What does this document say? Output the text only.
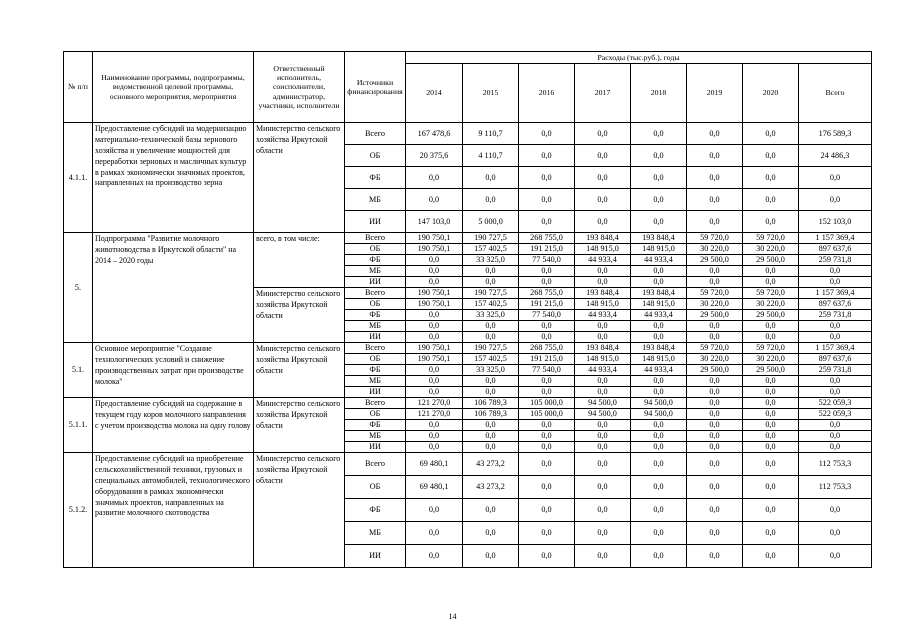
№ п/п	Наименование программы, подпрограммы, ведомственной целевой программы, основного мероприятия, мероприятия	Ответственный исполнитель, соисполнители, администратор, участники, исполнители	Источники финансирования	Расходы (тыс.руб.), годы							
				2014	2015	2016	2017	2018	2019	2020	Всего
4.1.1.	Предоставление субсидий на модернизацию материально-технической базы зернового хозяйства и увеличение мощностей для переработки зерновых и масличных культур в рамках экономически значимых проектов, направленных на производство зерна	Министерство сельского хозяйства Иркутской области	Всего	167 478,6	9 110,7	0,0	0,0	0,0	0,0	0,0	176 589,3
			ОБ	20 375,6	4 110,7	0,0	0,0	0,0	0,0	0,0	24 486,3
			ФБ	0,0	0,0	0,0	0,0	0,0	0,0	0,0	0,0
			МБ	0,0	0,0	0,0	0,0	0,0	0,0	0,0	0,0
			ИИ	147 103,0	5 000,0	0,0	0,0	0,0	0,0	0,0	152 103,0
5.	Подпрограмма "Развитие молочного животноводства в Иркутской области" на 2014 – 2020 годы	всего, в том числе:	Всего	190 750,1	190 727,5	268 755,0	193 848,4	193 848,4	59 720,0	59 720,0	1 157 369,4
			ОБ	190 750,1	157 402,5	191 215,0	148 915,0	148 915,0	30 220,0	30 220,0	897 637,6
			ФБ	0,0	33 325,0	77 540,0	44 933,4	44 933,4	29 500,0	29 500,0	259 731,8
			МБ	0,0	0,0	0,0	0,0	0,0	0,0	0,0	0,0
			ИИ	0,0	0,0	0,0	0,0	0,0	0,0	0,0	0,0
		Министерство сельского хозяйства Иркутской области	Всего	190 750,1	190 727,5	268 755,0	193 848,4	193 848,4	59 720,0	59 720,0	1 157 369,4
			ОБ	190 750,1	157 402,5	191 215,0	148 915,0	148 915,0	30 220,0	30 220,0	897 637,6
			ФБ	0,0	33 325,0	77 540,0	44 933,4	44 933,4	29 500,0	29 500,0	259 731,8
			МБ	0,0	0,0	0,0	0,0	0,0	0,0	0,0	0,0
			ИИ	0,0	0,0	0,0	0,0	0,0	0,0	0,0	0,0
5.1.	Основное мероприятие "Создание технологических условий и снижение производственных затрат при производстве молока"	Министерство сельского хозяйства Иркутской области	Всего	190 750,1	190 727,5	268 755,0	193 848,4	193 848,4	59 720,0	59 720,0	1 157 369,4
			ОБ	190 750,1	157 402,5	191 215,0	148 915,0	148 915,0	30 220,0	30 220,0	897 637,6
			ФБ	0,0	33 325,0	77 540,0	44 933,4	44 933,4	29 500,0	29 500,0	259 731,8
			МБ	0,0	0,0	0,0	0,0	0,0	0,0	0,0	0,0
			ИИ	0,0	0,0	0,0	0,0	0,0	0,0	0,0	0,0
5.1.1.	Предоставление субсидий на содержание в текущем году коров молочного направления с учетом производства молока на одну голову	Министерство сельского хозяйства Иркутской области	Всего	121 270,0	106 789,3	105 000,0	94 500,0	94 500,0	0,0	0,0	522 059,3
			ОБ	121 270,0	106 789,3	105 000,0	94 500,0	94 500,0	0,0	0,0	522 059,3
			ФБ	0,0	0,0	0,0	0,0	0,0	0,0	0,0	0,0
			МБ	0,0	0,0	0,0	0,0	0,0	0,0	0,0	0,0
			ИИ	0,0	0,0	0,0	0,0	0,0	0,0	0,0	0,0
5.1.2.	Предоставление субсидий на приобретение сельскохозяйственной техники, грузовых и специальных автомобилей, технологического оборудования в рамках экономически значимых проектов, направленных на развитие молочного скотоводства	Министерство сельского хозяйства Иркутской области	Всего	69 480,1	43 273,2	0,0	0,0	0,0	0,0	0,0	112 753,3
			ОБ	69 480,1	43 273,2	0,0	0,0	0,0	0,0	0,0	112 753,3
			ФБ	0,0	0,0	0,0	0,0	0,0	0,0	0,0	0,0
			МБ	0,0	0,0	0,0	0,0	0,0	0,0	0,0	0,0
			ИИ	0,0	0,0	0,0	0,0	0,0	0,0	0,0	0,0
14
